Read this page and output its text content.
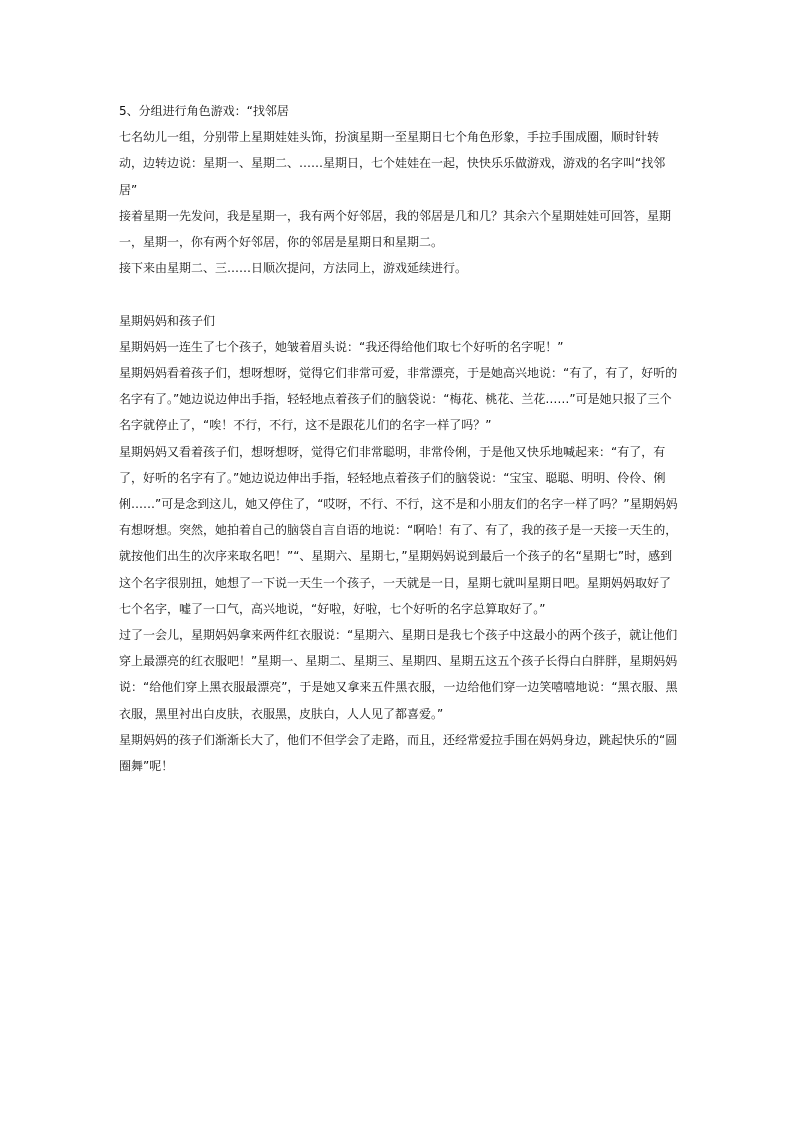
5、分组进行角色游戏：“找邻居

七名幼儿一组，分别带上星期娃娃头饰，扮演星期一至星期日七个角色形象，手拉手围成圈，顺时针转动，边转边说：星期一、星期二、……星期日，七个娃娃在一起，快快乐乐做游戏，游戏的名字叫“找邻居”

接着星期一先发问，我是星期一，我有两个好邻居，我的邻居是几和几？其余六个星期娃娃可回答，星期一，星期一，你有两个好邻居，你的邻居是星期日和星期二。

接下来由星期二、三……日顺次提问，方法同上，游戏延续进行。

星期妈妈和孩子们

星期妈妈一连生了七个孩子，她皱着眉头说：“我还得给他们取七个好听的名字呢！”

星期妈妈看着孩子们，想呀想呀，觉得它们非常可爱，非常漂亮，于是她高兴地说：“有了，有了，好听的名字有了。”她边说边伸出手指，轻轻地点着孩子们的脑袋说：“梅花、桃花、兰花……”可是她只报了三个名字就停止了，“唉！不行，不行，这不是跟花儿们的名字一样了吗？”

星期妈妈又看着孩子们，想呀想呀，觉得它们非常聪明，非常伶俐，于是他又快乐地喊起来：“有了，有了，好听的名字有了。”她边说边伸出手指，轻轻地点着孩子们的脑袋说：“宝宝、聪聪、明明、伶伶、俐俐……”可是念到这儿，她又停住了，“哎呀，不行、不行，这不是和小朋友们的名字一样了吗？”星期妈妈有想呀想。突然，她拍着自己的脑袋自言自语的地说：“啊哈！有了、有了，我的孩子是一天接一天生的，就按他们出生的次序来取名吧！”“、星期六、星期七，”星期妈妈说到最后一个孩子的名“星期七”时，感到这个名字很别扭，她想了一下说一天生一个孩子，一天就是一日，星期七就叫星期日吧。星期妈妈取好了七个名字，嘘了一口气，高兴地说，“好啦，好啦，七个好听的名字总算取好了。”

过了一会儿，星期妈妈拿来两件红衣服说：“星期六、星期日是我七个孩子中这最小的两个孩子，就让他们穿上最漂亮的红衣服吧！”星期一、星期二、星期三、星期四、星期五这五个孩子长得白白胖胖，星期妈妈说：“给他们穿上黑衣服最漂亮”，于是她又拿来五件黑衣服，一边给他们穿一边笑嘻嘻地说：“黑衣服、黑衣服，黑里衬出白皮肤，衣服黑，皮肤白，人人见了都喜爱。”

星期妈妈的孩子们渐渐长大了，他们不但学会了走路，而且，还经常爱拉手围在妈妈身边，跳起快乐的“圆圈舞”呢！
